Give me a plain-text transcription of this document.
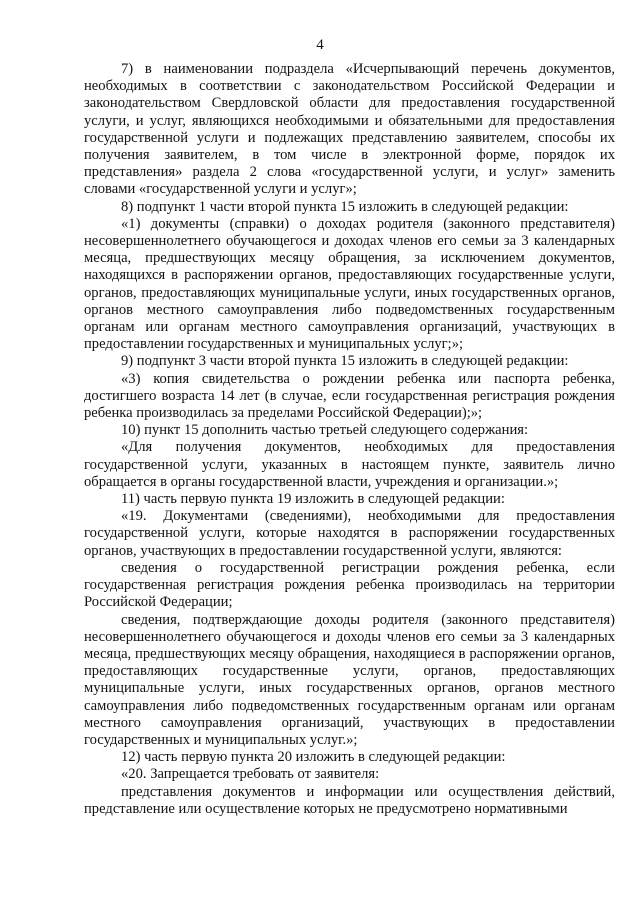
4

7) в наименовании подраздела «Исчерпывающий перечень документов, необходимых в соответствии с законодательством Российской Федерации и законодательством Свердловской области для предоставления государственной услуги, и услуг, являющихся необходимыми и обязательными для предоставления государственной услуги и подлежащих представлению заявителем, способы их получения заявителем, в том числе в электронной форме, порядок их представления» раздела 2 слова «государственной услуги, и услуг» заменить словами «государственной услуги и услуг»;

8) подпункт 1 части второй пункта 15 изложить в следующей редакции:

«1) документы (справки) о доходах родителя (законного представителя) несовершеннолетнего обучающегося и доходах членов его семьи за 3 календарных месяца, предшествующих месяцу обращения, за исключением документов, находящихся в распоряжении органов, предоставляющих государственные услуги, органов, предоставляющих муниципальные услуги, иных государственных органов, органов местного самоуправления либо подведомственных государственным органам или органам местного самоуправления организаций, участвующих в предоставлении государственных и муниципальных услуг;»;

9) подпункт 3 части второй пункта 15 изложить в следующей редакции:

«3) копия свидетельства о рождении ребенка или паспорта ребенка, достигшего возраста 14 лет (в случае, если государственная регистрация рождения ребенка производилась за пределами Российской Федерации);»;

10) пункт 15 дополнить частью третьей следующего содержания:

«Для получения документов, необходимых для предоставления государственной услуги, указанных в настоящем пункте, заявитель лично обращается в органы государственной власти, учреждения и организации.»;

11) часть первую пункта 19 изложить в следующей редакции:

«19. Документами (сведениями), необходимыми для предоставления государственной услуги, которые находятся в распоряжении государственных органов, участвующих в предоставлении государственной услуги, являются:

сведения о государственной регистрации рождения ребенка, если государственная регистрация рождения ребенка производилась на территории Российской Федерации;

сведения, подтверждающие доходы родителя (законного представителя) несовершеннолетнего обучающегося и доходы членов его семьи за 3 календарных месяца, предшествующих месяцу обращения, находящиеся в распоряжении органов, предоставляющих государственные услуги, органов, предоставляющих муниципальные услуги, иных государственных органов, органов местного самоуправления либо подведомственных государственным органам или органам местного самоуправления организаций, участвующих в предоставлении государственных и муниципальных услуг.»;

12) часть первую пункта 20 изложить в следующей редакции:

«20. Запрещается требовать от заявителя:

представления документов и информации или осуществления действий, представление или осуществление которых не предусмотрено нормативными
